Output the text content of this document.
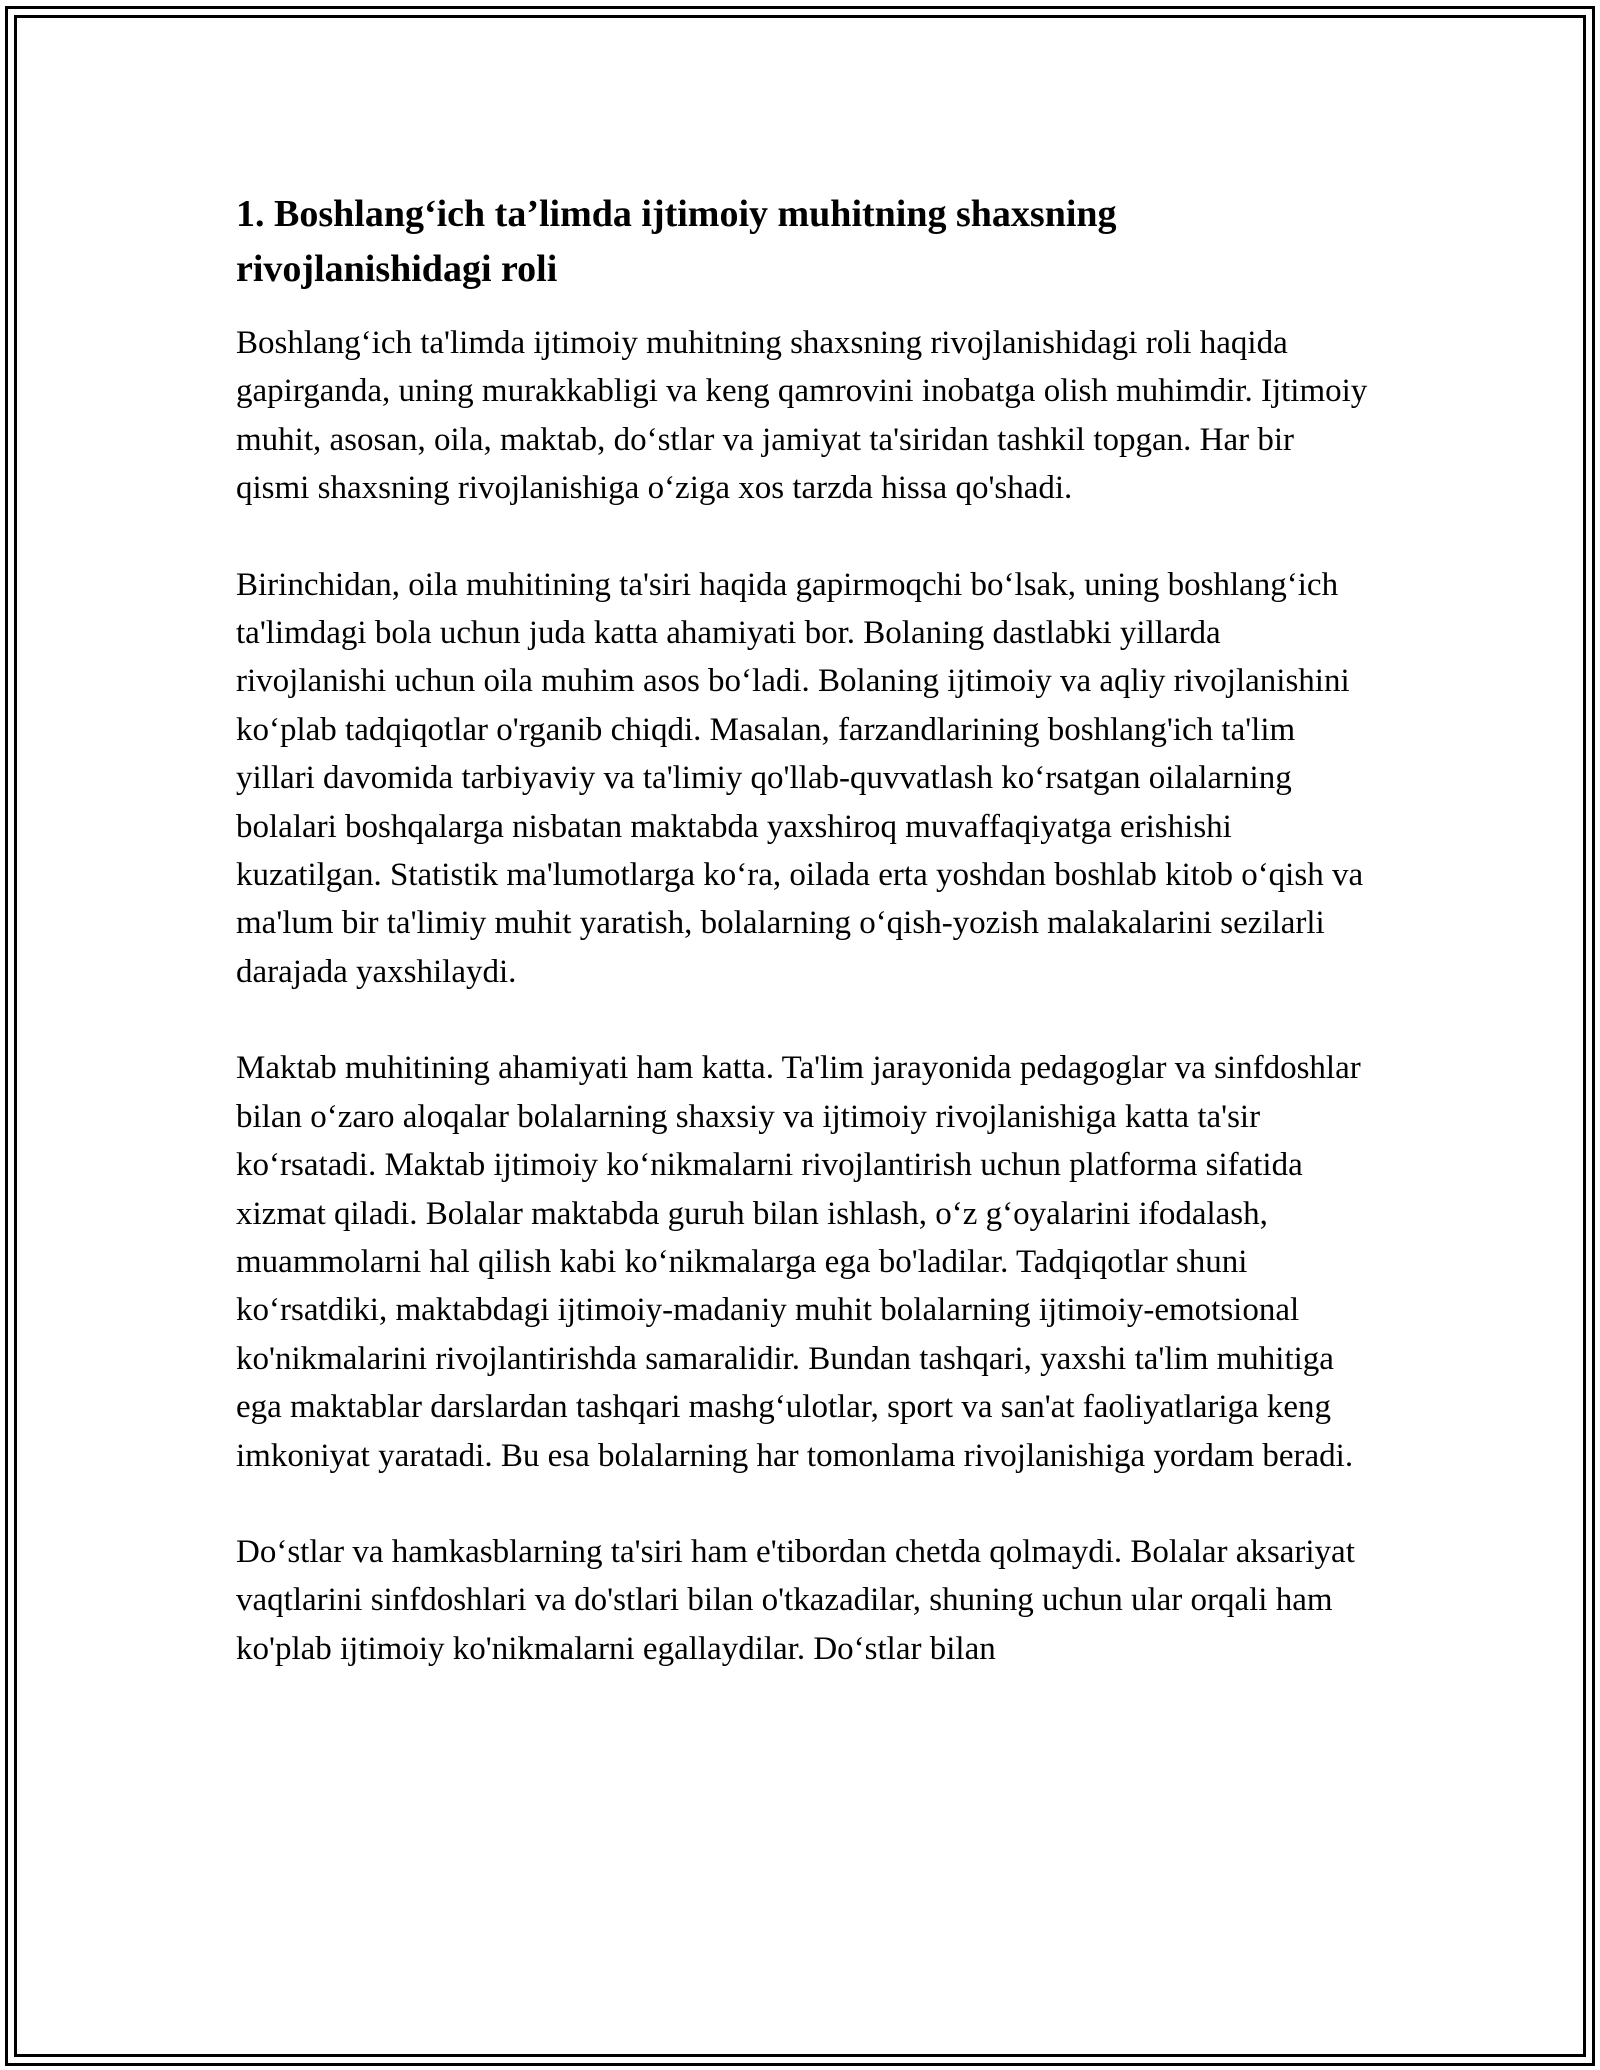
1. Boshlang‘ich ta’limda ijtimoiy muhitning shaxsning rivojlanishidagi roli

Boshlang‘ich ta'limda ijtimoiy muhitning shaxsning rivojlanishidagi roli haqida gapirganda, uning murakkabligi va keng qamrovini inobatga olish muhimdir. Ijtimoiy muhit, asosan, oila, maktab, do‘stlar va jamiyat ta'siridan tashkil topgan. Har bir qismi shaxsning rivojlanishiga o‘ziga xos tarzda hissa qo'shadi.

Birinchidan, oila muhitining ta'siri haqida gapirmoqchi bo‘lsak, uning boshlang‘ich ta'limdagi bola uchun juda katta ahamiyati bor. Bolaning dastlabki yillarda rivojlanishi uchun oila muhim asos bo‘ladi. Bolaning ijtimoiy va aqliy rivojlanishini ko‘plab tadqiqotlar o'rganib chiqdi. Masalan, farzandlarining boshlang'ich ta'lim yillari davomida tarbiyaviy va ta'limiy qo'llab-quvvatlash ko‘rsatgan oilalarning bolalari boshqalarga nisbatan maktabda yaxshiroq muvaffaqiyatga erishishi kuzatilgan. Statistik ma'lumotlarga ko‘ra, oilada erta yoshdan boshlab kitob o‘qish va ma'lum bir ta'limiy muhit yaratish, bolalarning o‘qish-yozish malakalarini sezilarli darajada yaxshilaydi.

Maktab muhitining ahamiyati ham katta. Ta'lim jarayonida pedagoglar va sinfdoshlar bilan o‘zaro aloqalar bolalarning shaxsiy va ijtimoiy rivojlanishiga katta ta'sir ko‘rsatadi. Maktab ijtimoiy ko‘nikmalarni rivojlantirish uchun platforma sifatida xizmat qiladi. Bolalar maktabda guruh bilan ishlash, o‘z g‘oyalarini ifodalash, muammolarni hal qilish kabi ko‘nikmalarga ega bo'ladilar. Tadqiqotlar shuni ko‘rsatdiki, maktabdagi ijtimoiy-madaniy muhit bolalarning ijtimoiy-emotsional ko'nikmalarini rivojlantirishda samaralidir. Bundan tashqari, yaxshi ta'lim muhitiga ega maktablar darslardan tashqari mashg‘ulotlar, sport va san'at faoliyatlariga keng imkoniyat yaratadi. Bu esa bolalarning har tomonlama rivojlanishiga yordam beradi.

Do‘stlar va hamkasblarning ta'siri ham e'tibordan chetda qolmaydi. Bolalar aksariyat vaqtlarini sinfdoshlari va do'stlari bilan o'tkazadilar, shuning uchun ular orqali ham ko'plab ijtimoiy ko'nikmalarni egallaydilar. Do‘stlar bilan
